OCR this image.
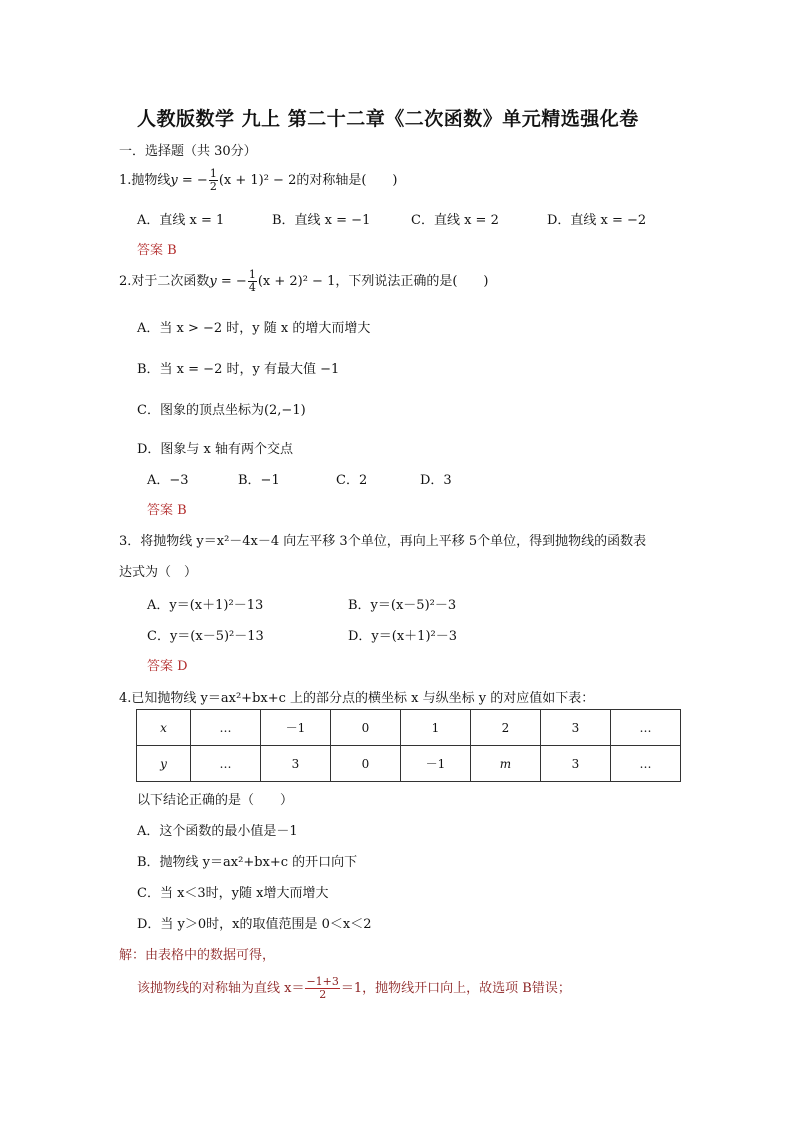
人教版数学 九上 第二十二章《二次函数》单元精选强化卷
一．选择题（共 30分）
1.抛物线y = − $\frac{1}{2} (x + 1)^2 - 2$的对称轴是(　　)
A．直线 x = 1	B．直线 x = −1	C．直线 x = 2	D．直线 x = −2
答案 B
2.对于二次函数y = − $\frac{1}{4} (x + 2)^2 - 1$，下列说法正确的是(　　)
A．当 x > −2 时，y 随 x 的增大而增大
B．当 x = −2 时，y 有最大值 −1
C．图象的顶点坐标为(2,−1)
D．图象与 x 轴有两个交点
A．−3	B．−1	C．2	D．3
答案 B
3．将抛物线 y＝x²－4x－4 向左平移 3个单位，再向上平移 5个单位，得到抛物线的函数表
达式为（　）
A．y＝(x＋1)²－13	B．y＝(x－5)²－3
C．y＝(x－5)²－13	D．y＝(x＋1)²－3
答案 D
4.已知抛物线 y＝ax²+bx+c 上的部分点的横坐标 x 与纵坐标 y 的对应值如下表：
x	…	－1	0	1	2	3	…
y	…	3	0	－1	m	3	…
以下结论正确的是（　　）
A．这个函数的最小值是－1
B．抛物线 y＝ax²+bx+c 的开口向下
C．当 x＜3时，y随 x增大而增大
D．当 y＞0时，x的取值范围是 0＜x＜2
解：由表格中的数据可得，
该抛物线的对称轴为直线 $x= \frac{-1+3}{2} =1$，抛物线开口向上，故选项 B错误；
